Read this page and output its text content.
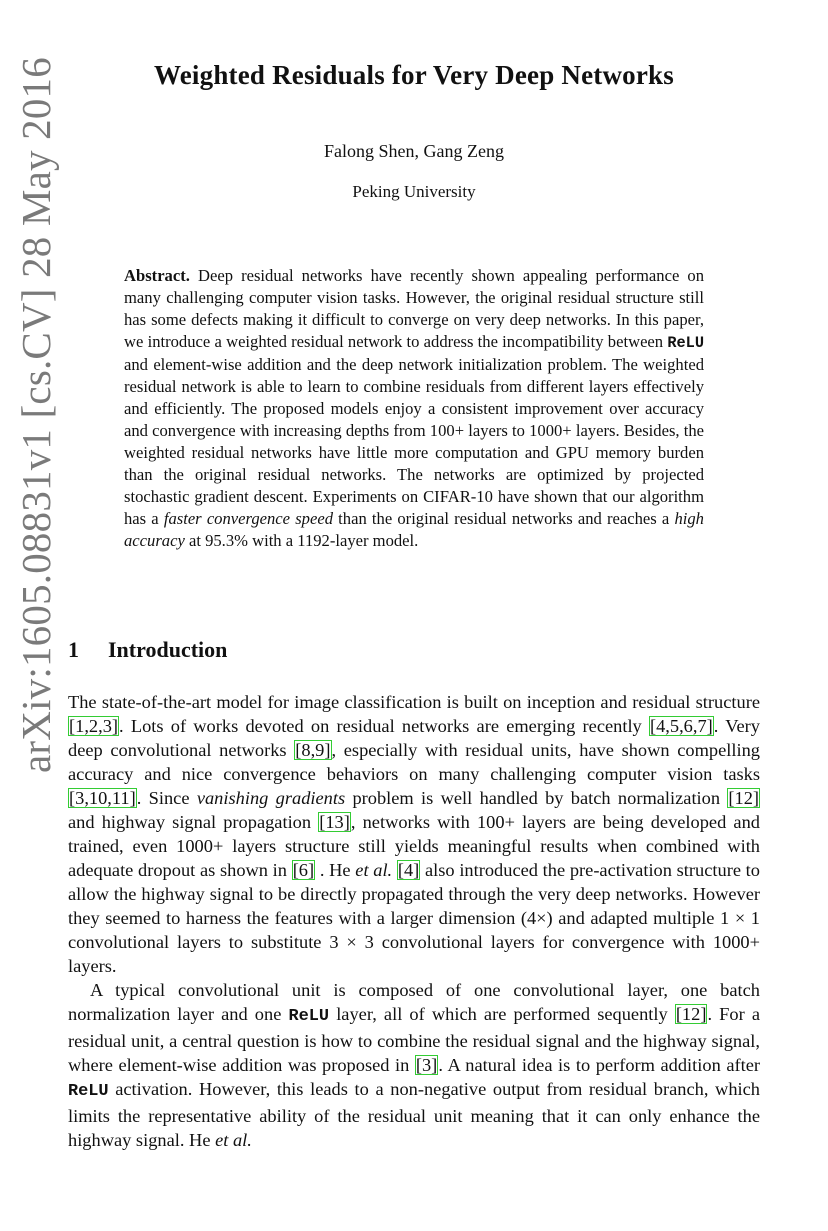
arXiv:1605.08831v1 [cs.CV] 28 May 2016	Weighted Residuals for Very Deep Networks
Falong Shen, Gang Zeng
Peking University
Abstract. Deep residual networks have recently shown appealing performance on many challenging computer vision tasks. However, the original residual structure still has some defects making it difficult to converge on very deep networks. In this paper, we introduce a weighted residual network to address the incompatibility between ReLU and element-wise addition and the deep network initialization problem. The weighted residual network is able to learn to combine residuals from different layers effectively and efficiently. The proposed models enjoy a consistent improvement over accuracy and convergence with increasing depths from 100+ layers to 1000+ layers. Besides, the weighted residual networks have little more computation and GPU memory burden than the original residual networks. The networks are optimized by projected stochastic gradient descent. Experiments on CIFAR-10 have shown that our algorithm has a faster convergence speed than the original residual networks and reaches a high accuracy at 95.3% with a 1192-layer model.
1 Introduction

The state-of-the-art model for image classification is built on inception and residual structure [1,2,3]. Lots of works devoted on residual networks are emerging recently [4,5,6,7]. Very deep convolutional networks [8,9], especially with residual units, have shown compelling accuracy and nice convergence behaviors on many challenging computer vision tasks [3,10,11]. Since vanishing gradients problem is well handled by batch normalization [12] and highway signal propagation [13], networks with 100+ layers are being developed and trained, even 1000+ layers structure still yields meaningful results when combined with adequate dropout as shown in [6] . He et al. [4] also introduced the pre-activation structure to allow the highway signal to be directly propagated through the very deep networks. However they seemed to harness the features with a larger dimension (4×) and adapted multiple 1 × 1 convolutional layers to substitute 3 × 3 convolutional layers for convergence with 1000+ layers.

A typical convolutional unit is composed of one convolutional layer, one batch normalization layer and one ReLU layer, all of which are performed sequently [12]. For a residual unit, a central question is how to combine the residual signal and the highway signal, where element-wise addition was proposed in [3]. A natural idea is to perform addition after ReLU activation. However, this leads to a non-negative output from residual branch, which limits the representative ability of the residual unit meaning that it can only enhance the highway signal. He et al.
